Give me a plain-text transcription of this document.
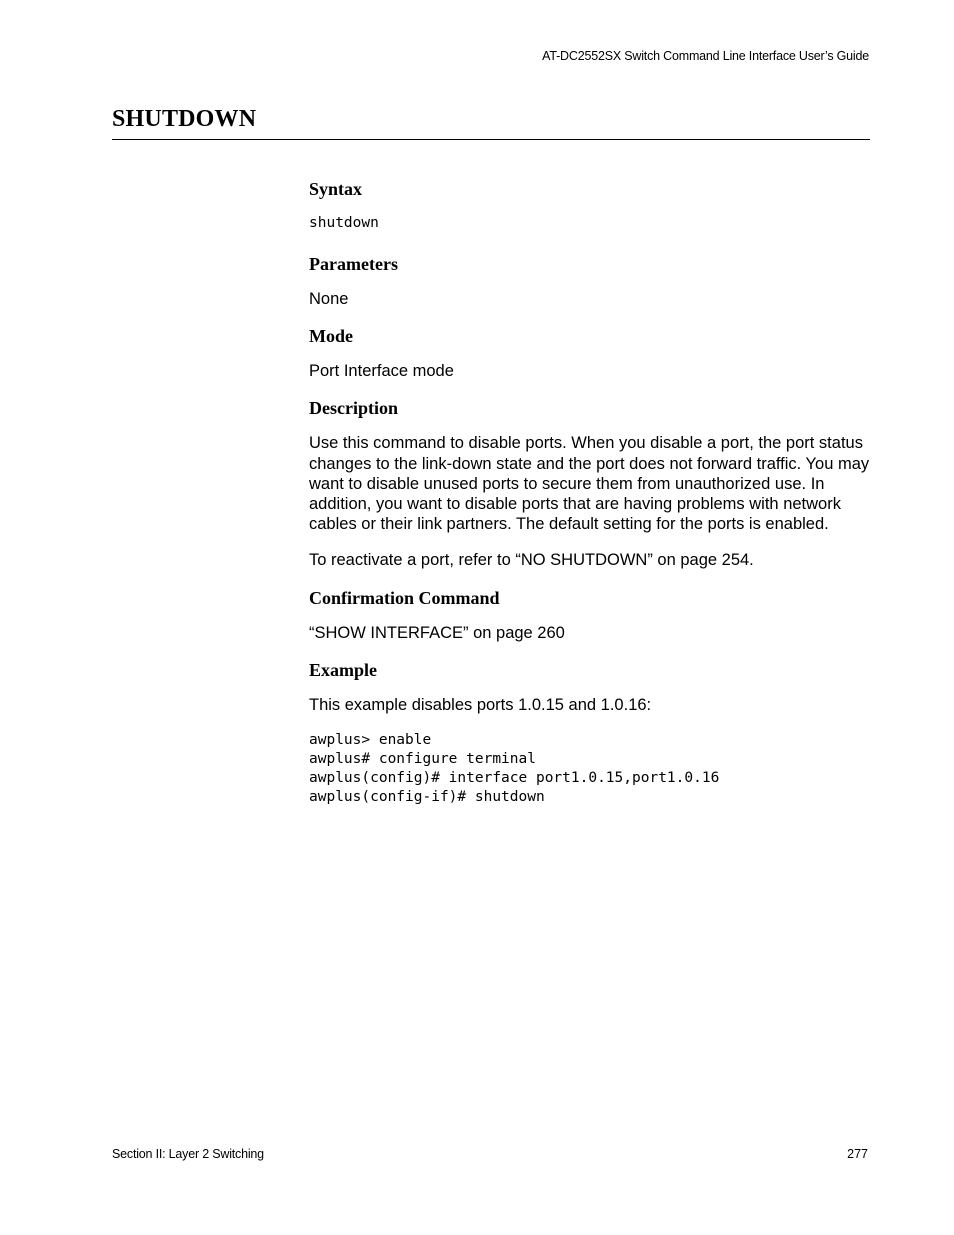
AT-DC2552SX Switch Command Line Interface User’s Guide
SHUTDOWN
Syntax
shutdown
Parameters

None

Mode

Port Interface mode

Description

Use this command to disable ports. When you disable a port, the port status changes to the link-down state and the port does not forward traffic. You may want to disable unused ports to secure them from unauthorized use. In addition, you want to disable ports that are having problems with network cables or their link partners. The default setting for the ports is enabled.

To reactivate a port, refer to “NO SHUTDOWN” on page 254.

Confirmation Command

“SHOW INTERFACE” on page 260

Example

This example disables ports 1.0.15 and 1.0.16:

awplus> enable
awplus# configure terminal
awplus(config)# interface port1.0.15,port1.0.16
awplus(config-if)# shutdown
Section II: Layer 2 Switching	277
